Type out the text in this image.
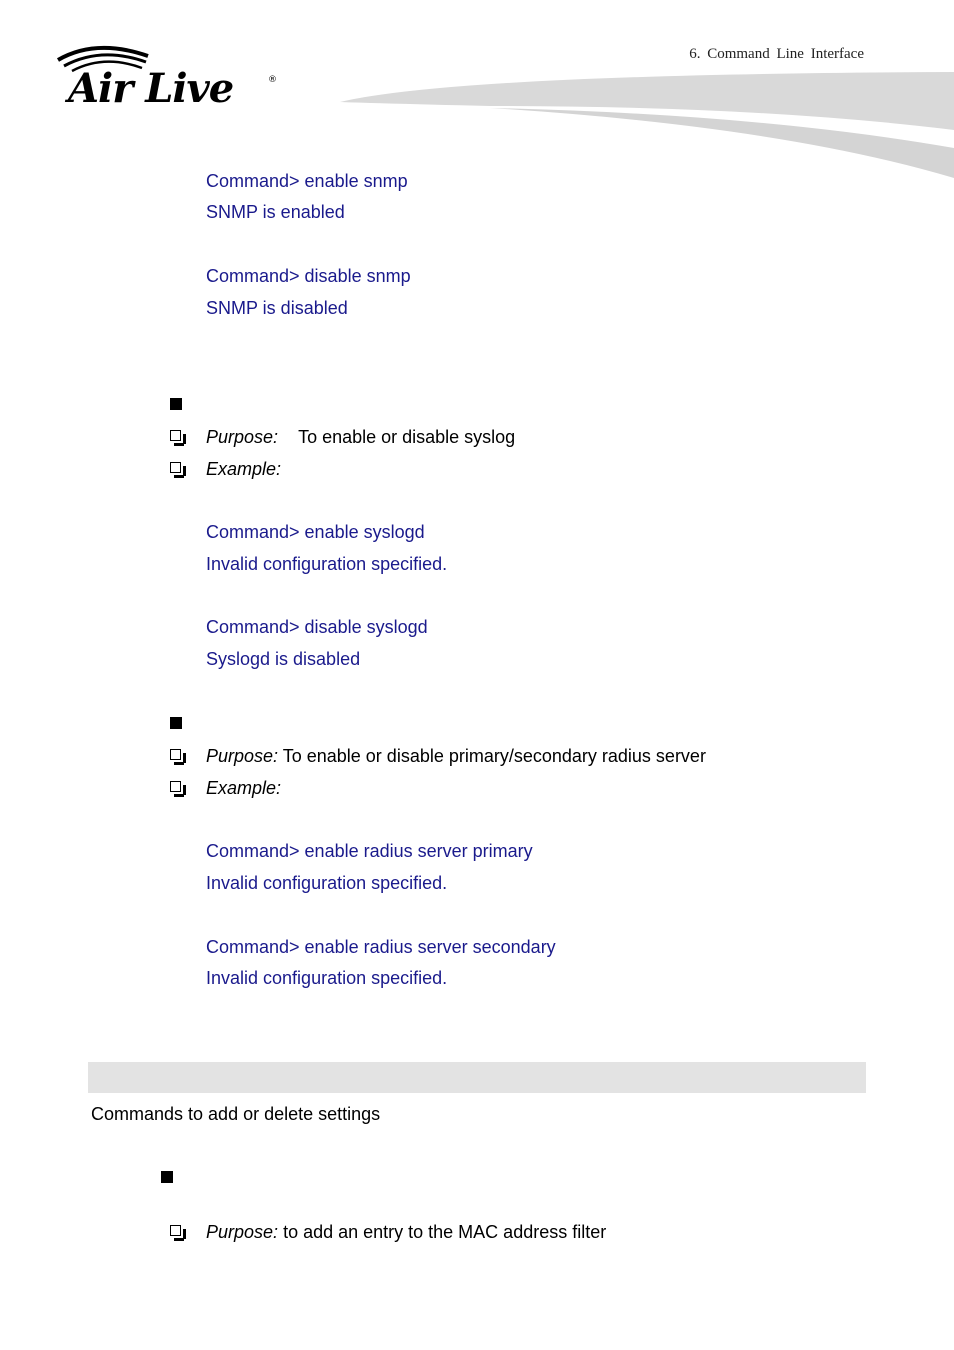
Air Live	®
6. Command Line Interface
Command> enable snmp
SNMP is enabled
Command> disable snmp
SNMP is disabled
Purpose: To enable or disable syslog
Example:
Command> enable syslogd
Invalid configuration specified.
Command> disable syslogd
Syslogd is disabled
Purpose: To enable or disable primary/secondary radius server
Example:
Command> enable radius server primary
Invalid configuration specified.
Command> enable radius server secondary
Invalid configuration specified.
Commands to add or delete settings
Purpose: to add an entry to the MAC address filter
